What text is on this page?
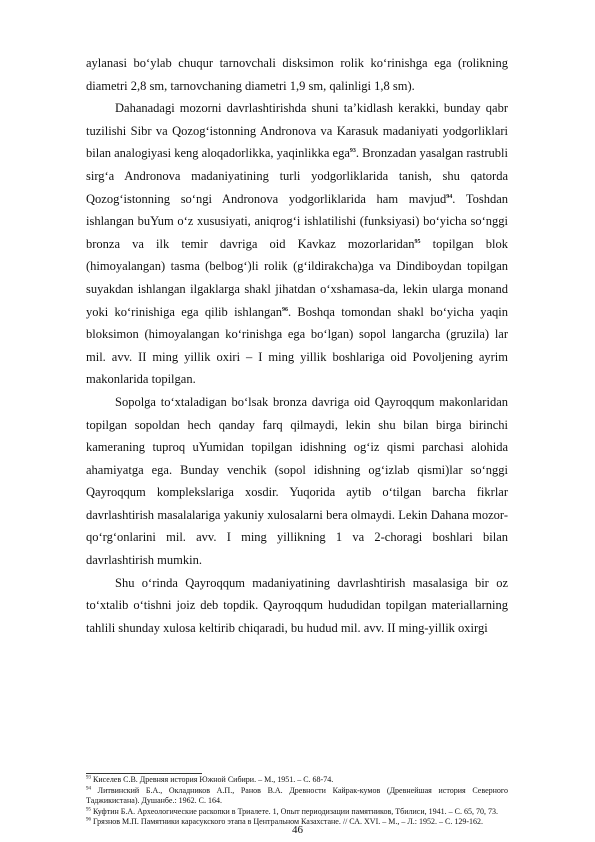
aylanasi bo‘ylab chuqur tarnovchali disksimon rolik ko‘rinishga ega (rolikning diametri 2,8 sm, tarnovchaning diametri 1,9 sm, qalinligi 1,8 sm).

Dahanadagi mozorni davrlashtirishda shuni ta’kidlash kerakki, bunday qabr tuzilishi Sibr va Qozog‘istonning Andronova va Karasuk madaniyati yodgorliklari bilan analogiyasi keng aloqadorlikka, yaqinlikka ega$^{93}$. Bronzadan yasalgan rastrubli sirg‘a Andronova madaniyatining turli yodgorliklarida tanish, shu qatorda Qozog‘istonning so‘ngi Andronova yodgorliklarida ham mavjud$^{94}$. Toshdan ishlangan buYum o‘z xususiyati, aniqrog‘i ishlatilishi (funksiyasi) bo‘yicha so‘nggi bronza va ilk temir davriga oid Kavkaz mozorlaridan$^{95}$ topilgan blok (himoyalangan) tasma (belbog‘)li rolik (g‘ildirakcha)ga va Dindiboydan topilgan suyakdan ishlangan ilgaklarga shakl jihatdan o‘xshamasa-da, lekin ularga monand yoki ko‘rinishiga ega qilib ishlangan$^{96}$. Boshqa tomondan shakl bo‘yicha yaqin bloksimon (himoyalangan ko‘rinishga ega bo‘lgan) sopol langarcha (gruzila) lar mil. avv. II ming yillik oxiri – I ming yillik boshlariga oid Povoljening ayrim makonlarida topilgan.

Sopolga to‘xtaladigan bo‘lsak bronza davriga oid Qayroqqum makonlaridan topilgan sopoldan hech qanday farq qilmaydi, lekin shu bilan birga birinchi kameraning tuproq uYumidan topilgan idishning og‘iz qismi parchasi alohida ahamiyatga ega. Bunday venchik (sopol idishning og‘izlab qismi)lar so‘nggi Qayroqqum komplekslariga xosdir. Yuqorida aytib o‘tilgan barcha fikrlar davrlashtirish masalalariga yakuniy xulosalarni bera olmaydi. Lekin Dahana mozor-qo‘rg‘onlarini mil. avv. I ming yillikning 1 va 2-choragi boshlari bilan davrlashtirish mumkin.

Shu o‘rinda Qayroqqum madaniyatining davrlashtirish masalasiga bir oz to‘xtalib o‘tishni joiz deb topdik. Qayroqqum hududidan topilgan materiallarning tahlili shunday xulosa keltirib chiqaradi, bu hudud mil. avv. II ming-yillik oxirgi

$^{93}$ Киселев С.В. Древняя история Южной Сибири. – М., 1951. – С. 68-74.

$^{94}$ Литвинский Б.А., Окладников А.П., Ранов В.А. Древности Кайрак-кумов (Древнейшая история Северного Таджикистана). Душанбе.: 1962. С. 164.

$^{95}$ Куфтин Б.А. Археологические раскопки в Триалете. 1, Опыт периодизации памятников, Тбилиси, 1941. – С. 65, 70, 73.

$^{96}$ Грязнов М.П. Памятники карасукского этапа в Центральном Казахстане. // СА. XVI. – М., – Л.: 1952. – С. 129-162.

46
